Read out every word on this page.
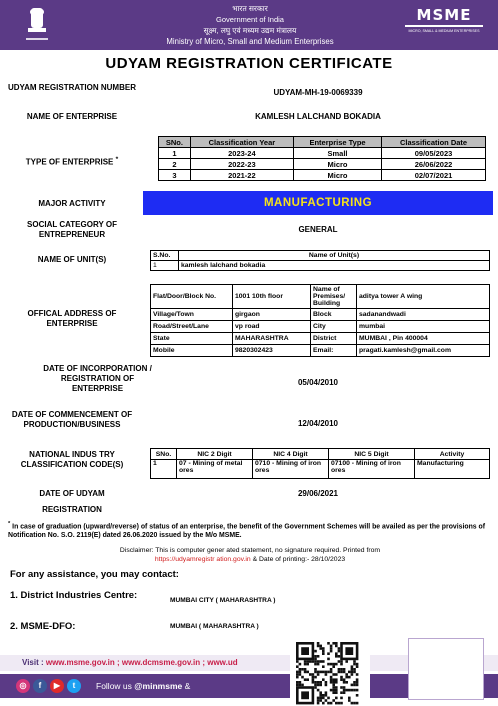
भारत सरकार
Government of India
सूक्ष्म, लघु एवं मध्यम उद्यम मंत्रालय
Ministry of Micro, Small and Medium Enterprises
MSME
MICRO, SMALL & MEDIUM ENTERPRISES
UDYAM REGISTRATION CERTIFICATE
UDYAM REGISTRATION NUMBER
UDYAM-MH-19-0069339
NAME OF ENTERPRISE	KAMLESH LALCHAND BOKADIA
TYPE OF ENTERPRISE *
SNo.	Classification Year	Enterprise Type	Classification Date
1	2023-24	Small	09/05/2023
2	2022-23	Micro	26/06/2022
3	2021-22	Micro	02/07/2021
MAJOR ACTIVITY	MANUFACTURING
SOCIAL CATEGORY OF ENTREPRENEUR
GENERAL
NAME OF UNIT(S)	S.No.	Name of Unit(s)
1	kamlesh lalchand bokadia
OFFICAL ADDRESS OF ENTERPRISE
Flat/Door/Block No.	1001 10th floor	Name of Premises/ Building	aditya tower A wing
Village/Town	girgaon	Block	sadanandwadi
Road/Street/Lane	vp road	City	mumbai
State	MAHARASHTRA	District	MUMBAI , Pin 400004
Mobile	9820302423	Email:	pragati.kamlesh@gmail.com
DATE OF INCORPORATION / REGISTRATION OF ENTERPRISE
05/04/2010
DATE OF COMMENCEMENT OF PRODUCTION/BUSINESS	12/04/2010
NATIONAL INDUS TRY CLASSIFICATION CODE(S)
SNo.	NIC 2 Digit	NIC 4 Digit	NIC 5 Digit	Activity
1	07 - Mining of metal ores	0710 - Mining of iron ores	07100 - Mining of iron ores	Manufacturing
DATE OF UDYAM	29/06/2021
REGISTRATION
* In case of graduation (upward/reverse) of status of an enterprise, the benefit of the Government Schemes will be availed as per the provisions of Notification No. S.O. 2119(E) dated 26.06.2020 issued by the M/o MSME.
Disclaimer: This is computer gener ated statement, no signature required. Printed from
https://udyamregistr ation.gov.in & Date of printing:- 28/10/2023
For any assistance, you may contact:
1. District Industries Centre:	MUMBAI CITY ( MAHARASHTRA )
2. MSME-DFO:	MUMBAI ( MAHARASHTRA )
Visit : www.msme.gov.in ; www.dcmsme.gov.in ; www.ud
◎	f	▶	t	Follow us @minmsme &
